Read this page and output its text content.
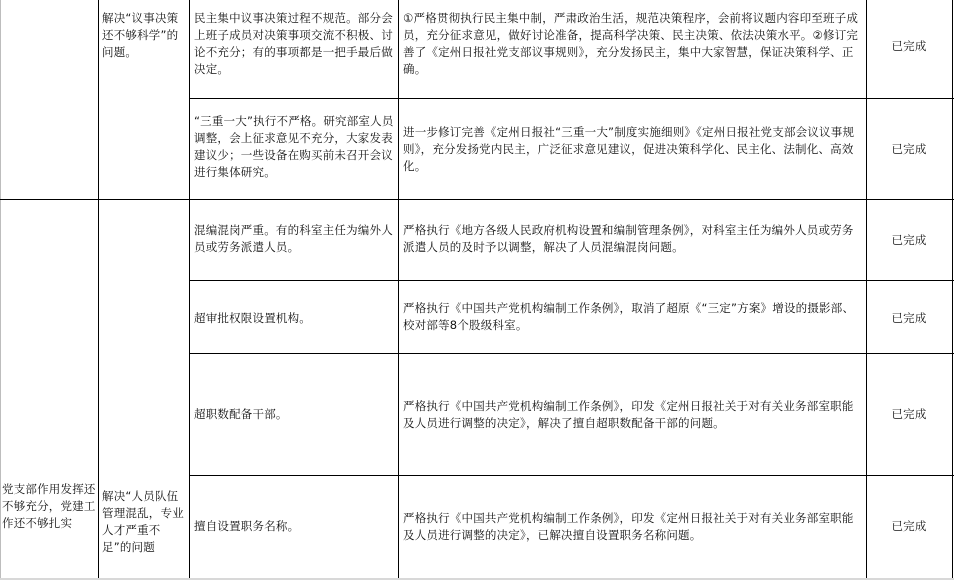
解决“议事决策还不够科学”的问题。
民主集中议事决策过程不规范。部分会上班子成员对决策事项交流不积极、讨论不充分；有的事项都是一把手最后做决定。
①严格贯彻执行民主集中制，严肃政治生活，规范决策程序，会前将议题内容印至班子成员，充分征求意见，做好讨论准备，提高科学决策、民主决策、依法决策水平。②修订完善了《定州日报社党支部议事规则》，充分发扬民主，集中大家智慧，保证决策科学、正确。
已完成
“三重一大”执行不严格。研究部室人员调整，会上征求意见不充分，大家发表建议少；一些设备在购买前未召开会议进行集体研究。
进一步修订完善《定州日报社“三重一大”制度实施细则》《定州日报社党支部会议议事规则》，充分发扬党内民主，广泛征求意见建议，促进决策科学化、民主化、法制化、高效化。
已完成
混编混岗严重。有的科室主任为编外人员或劳务派遣人员。
严格执行《地方各级人民政府机构设置和编制管理条例》，对科室主任为编外人员或劳务派遣人员的及时予以调整，解决了人员混编混岗问题。	已完成
超审批权限设置机构。
严格执行《中国共产党机构编制工作条例》，取消了超原《“三定”方案》增设的摄影部、校对部等8个股级科室。	已完成
超职数配备干部。
严格执行《中国共产党机构编制工作条例》，印发《定州日报社关于对有关业务部室职能及人员进行调整的决定》，解决了擅自超职数配备干部的问题。
已完成
党支部作用发挥还不够充分，党建工作还不够扎实
解决“人员队伍管理混乱，专业人才严重不足”的问题
擅自设置职务名称。
严格执行《中国共产党机构编制工作条例》，印发《定州日报社关于对有关业务部室职能及人员进行调整的决定》，已解决擅自设置职务名称问题。
已完成
